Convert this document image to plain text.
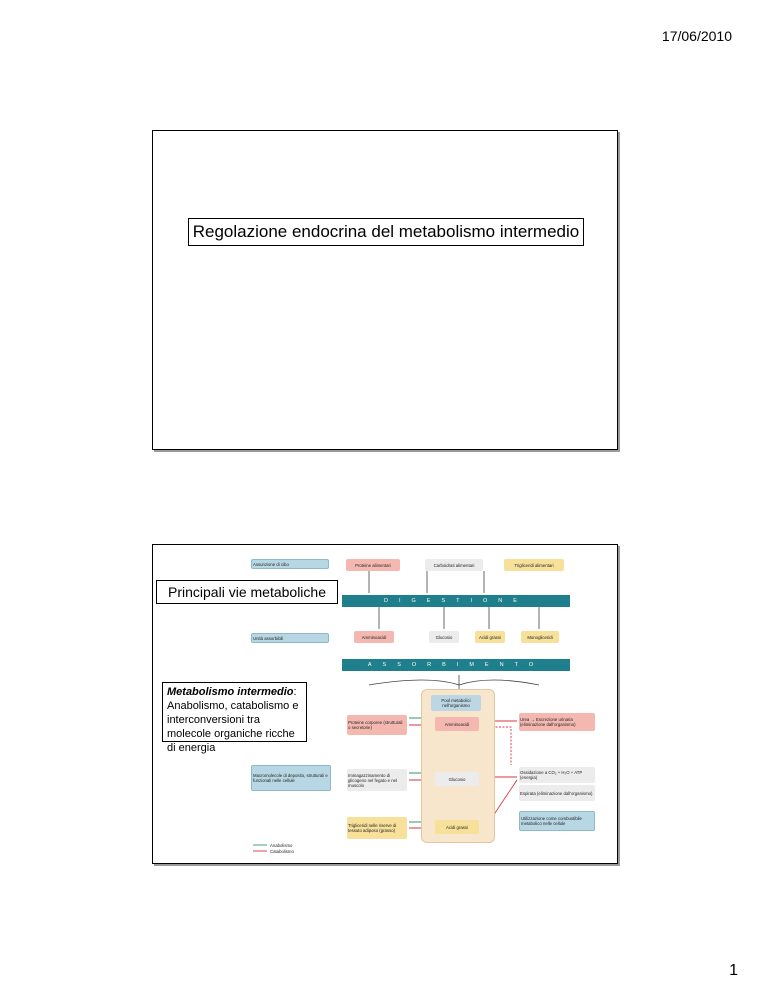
17/06/2010
Regolazione endocrina del metabolismo intermedio
Assunzione di cibo	Proteine alimentari	Carboidrati alimentari	Trigliceridi alimentari
DIGESTIONE
Unità assorbibili	Amminoacidi	Glucosio	Acidi grassi	Monogliceridi
ASSORBIMENTO
Pool metabolici nell'organismo
Amminoacidi
Glucosio
Acidi grassi
Macromolecole di deposito, strutturali e funzionali nelle cellule
Proteine corporee (strutturali o secretorie)
Immagazzinamento di glicogeno nel fegato e nel muscolo
Trigliceridi nelle riserve di tessuto adiposo (grasso)
Urea → Escrezione urinaria (eliminazione dall'organismo)
Ossidazione a CO₂ + H₂O + ATP (energia)
Espirata (eliminazione dall'organismo)
Utilizzazione come combustibile metabolico nelle cellule
Anabolismo
Catabolismo
Principali vie metaboliche
Metabolismo intermedio: Anabolismo, catabolismo e interconversioni tra molecole organiche ricche di energia
1
